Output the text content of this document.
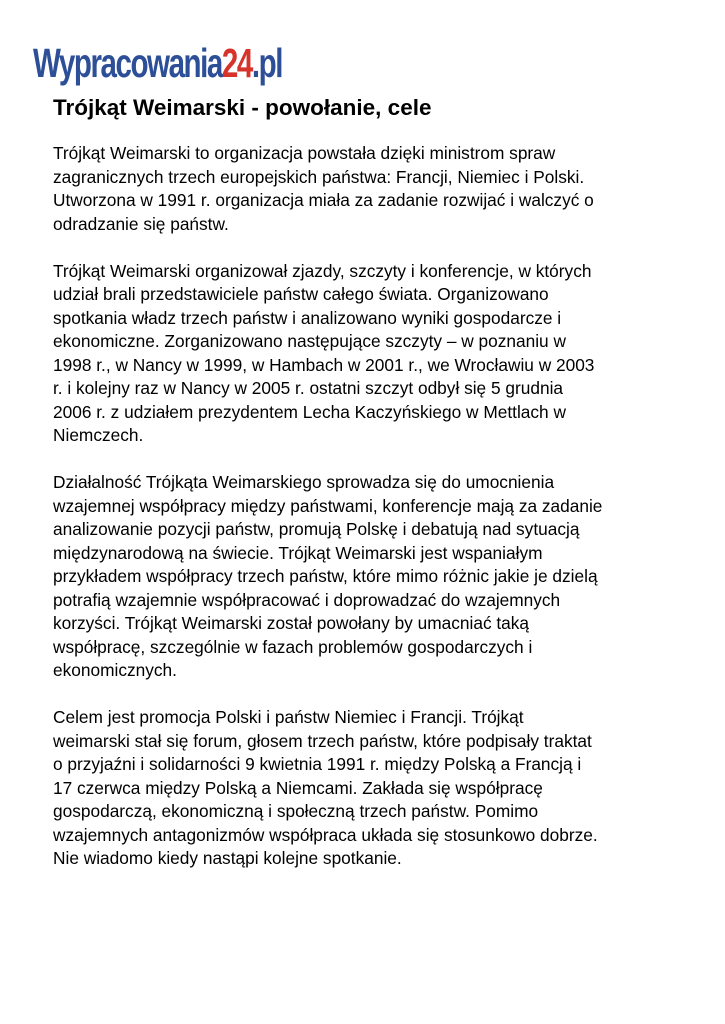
Wypracowania 24 .pl
Trójkąt Weimarski - powołanie, cele

Trójkąt Weimarski to organizacja powstała dzięki ministrom spraw
zagranicznych trzech europejskich państwa: Francji, Niemiec i Polski.
Utworzona w 1991 r. organizacja miała za zadanie rozwijać i walczyć o
odradzanie się państw.

Trójkąt Weimarski organizował zjazdy, szczyty i konferencje, w których
udział brali przedstawiciele państw całego świata. Organizowano
spotkania władz trzech państw i analizowano wyniki gospodarcze i
ekonomiczne. Zorganizowano następujące szczyty – w poznaniu w
1998 r., w Nancy w 1999, w Hambach w 2001 r., we Wrocławiu w 2003
r. i kolejny raz w Nancy w 2005 r. ostatni szczyt odbył się 5 grudnia
2006 r. z udziałem prezydentem Lecha Kaczyńskiego w Mettlach w
Niemczech.

Działalność Trójkąta Weimarskiego sprowadza się do umocnienia
wzajemnej współpracy między państwami, konferencje mają za zadanie
analizowanie pozycji państw, promują Polskę i debatują nad sytuacją
międzynarodową na świecie. Trójkąt Weimarski jest wspaniałym
przykładem współpracy trzech państw, które mimo różnic jakie je dzielą
potrafią wzajemnie współpracować i doprowadzać do wzajemnych
korzyści. Trójkąt Weimarski został powołany by umacniać taką
współpracę, szczególnie w fazach problemów gospodarczych i
ekonomicznych.

Celem jest promocja Polski i państw Niemiec i Francji. Trójkąt
weimarski stał się forum, głosem trzech państw, które podpisały traktat
o przyjaźni i solidarności 9 kwietnia 1991 r. między Polską a Francją i
17 czerwca między Polską a Niemcami. Zakłada się współpracę
gospodarczą, ekonomiczną i społeczną trzech państw. Pomimo
wzajemnych antagonizmów współpraca układa się stosunkowo dobrze.
Nie wiadomo kiedy nastąpi kolejne spotkanie.
